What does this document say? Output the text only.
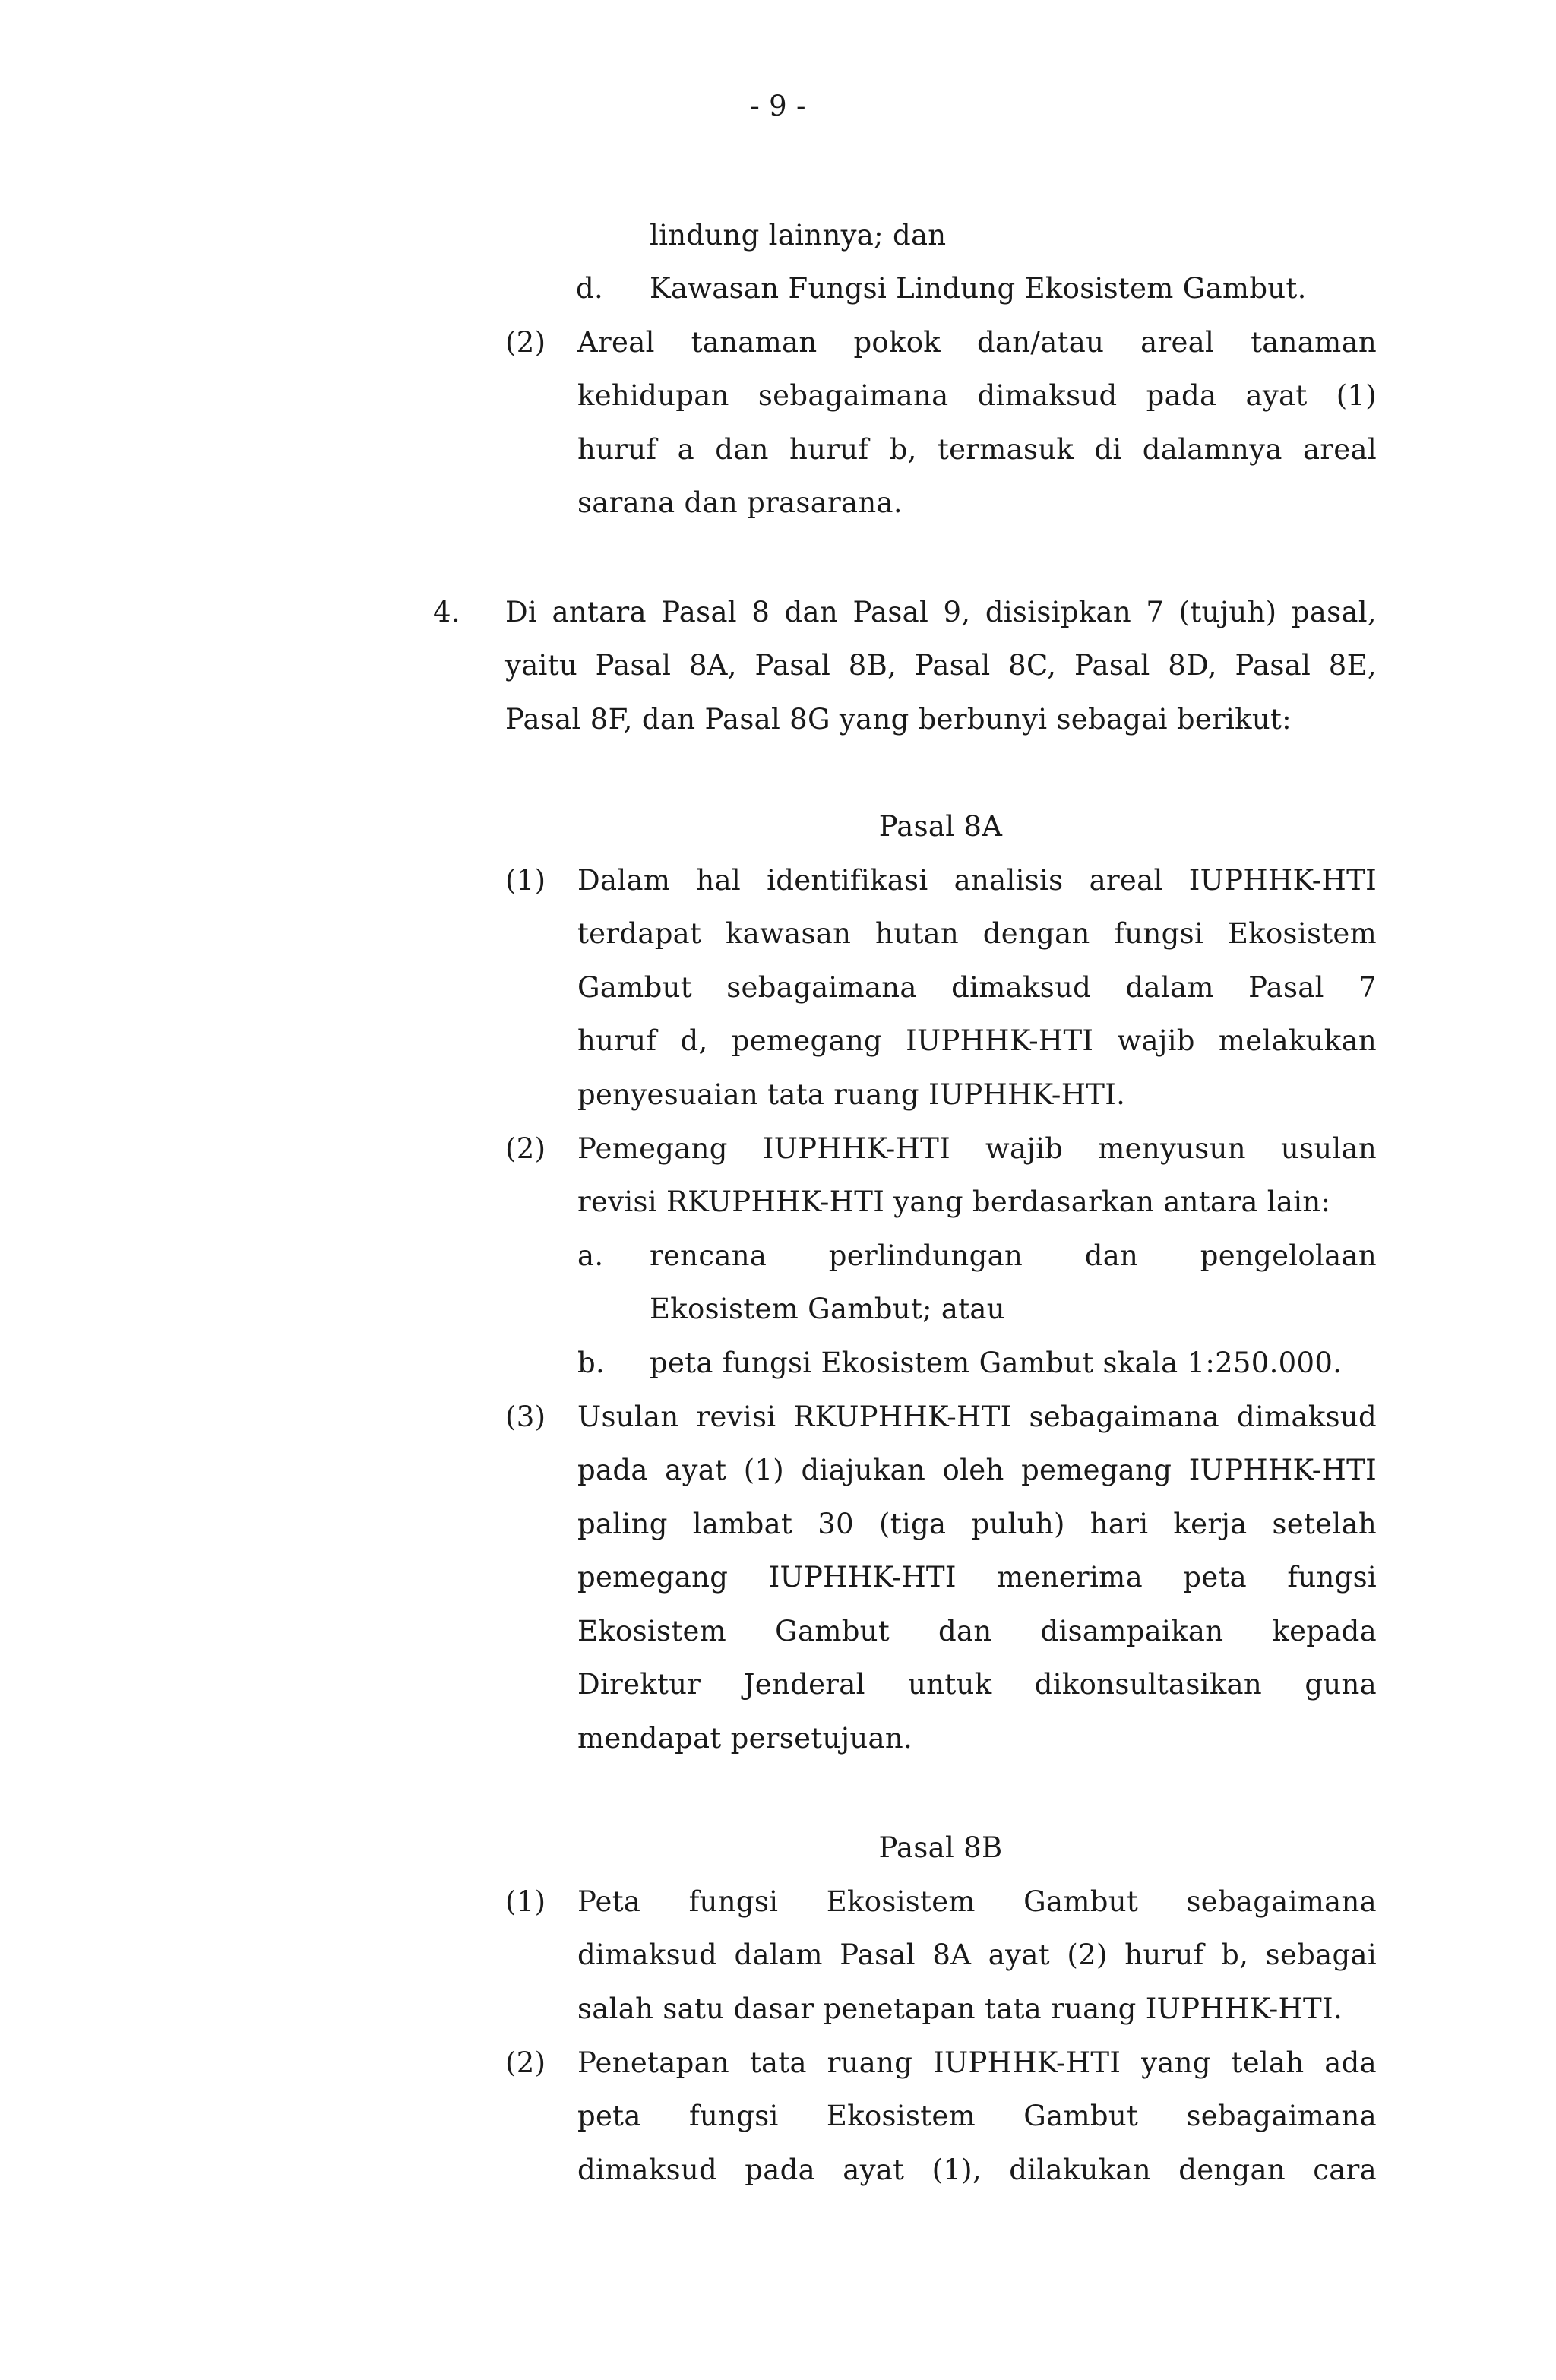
- 9 -
lindung lainnya; dan
d. Kawasan Fungsi Lindung Ekosistem Gambut.
(2) Areal tanaman pokok dan/atau areal tanaman
kehidupan sebagaimana dimaksud pada ayat (1)
huruf a dan huruf b, termasuk di dalamnya areal
sarana dan prasarana.
4. Di antara Pasal 8 dan Pasal 9, disisipkan 7 (tujuh) pasal,
yaitu Pasal 8A, Pasal 8B, Pasal 8C, Pasal 8D, Pasal 8E,
Pasal 8F, dan Pasal 8G yang berbunyi sebagai berikut:
Pasal 8A
(1) Dalam hal identifikasi analisis areal IUPHHK-HTI
terdapat kawasan hutan dengan fungsi Ekosistem
Gambut sebagaimana dimaksud dalam Pasal 7
huruf d, pemegang IUPHHK-HTI wajib melakukan
penyesuaian tata ruang IUPHHK-HTI.
(2) Pemegang IUPHHK-HTI wajib menyusun usulan
revisi RKUPHHK-HTI yang berdasarkan antara lain:
a. rencana perlindungan dan pengelolaan
Ekosistem Gambut; atau
b. peta fungsi Ekosistem Gambut skala 1:250.000.
(3) Usulan revisi RKUPHHK-HTI sebagaimana dimaksud
pada ayat (1) diajukan oleh pemegang IUPHHK-HTI
paling lambat 30 (tiga puluh) hari kerja setelah
pemegang IUPHHK-HTI menerima peta fungsi
Ekosistem Gambut dan disampaikan kepada
Direktur Jenderal untuk dikonsultasikan guna
mendapat persetujuan.
Pasal 8B
(1) Peta fungsi Ekosistem Gambut sebagaimana
dimaksud dalam Pasal 8A ayat (2) huruf b, sebagai
salah satu dasar penetapan tata ruang IUPHHK-HTI.
(2) Penetapan tata ruang IUPHHK-HTI yang telah ada
peta fungsi Ekosistem Gambut sebagaimana
dimaksud pada ayat (1), dilakukan dengan cara
